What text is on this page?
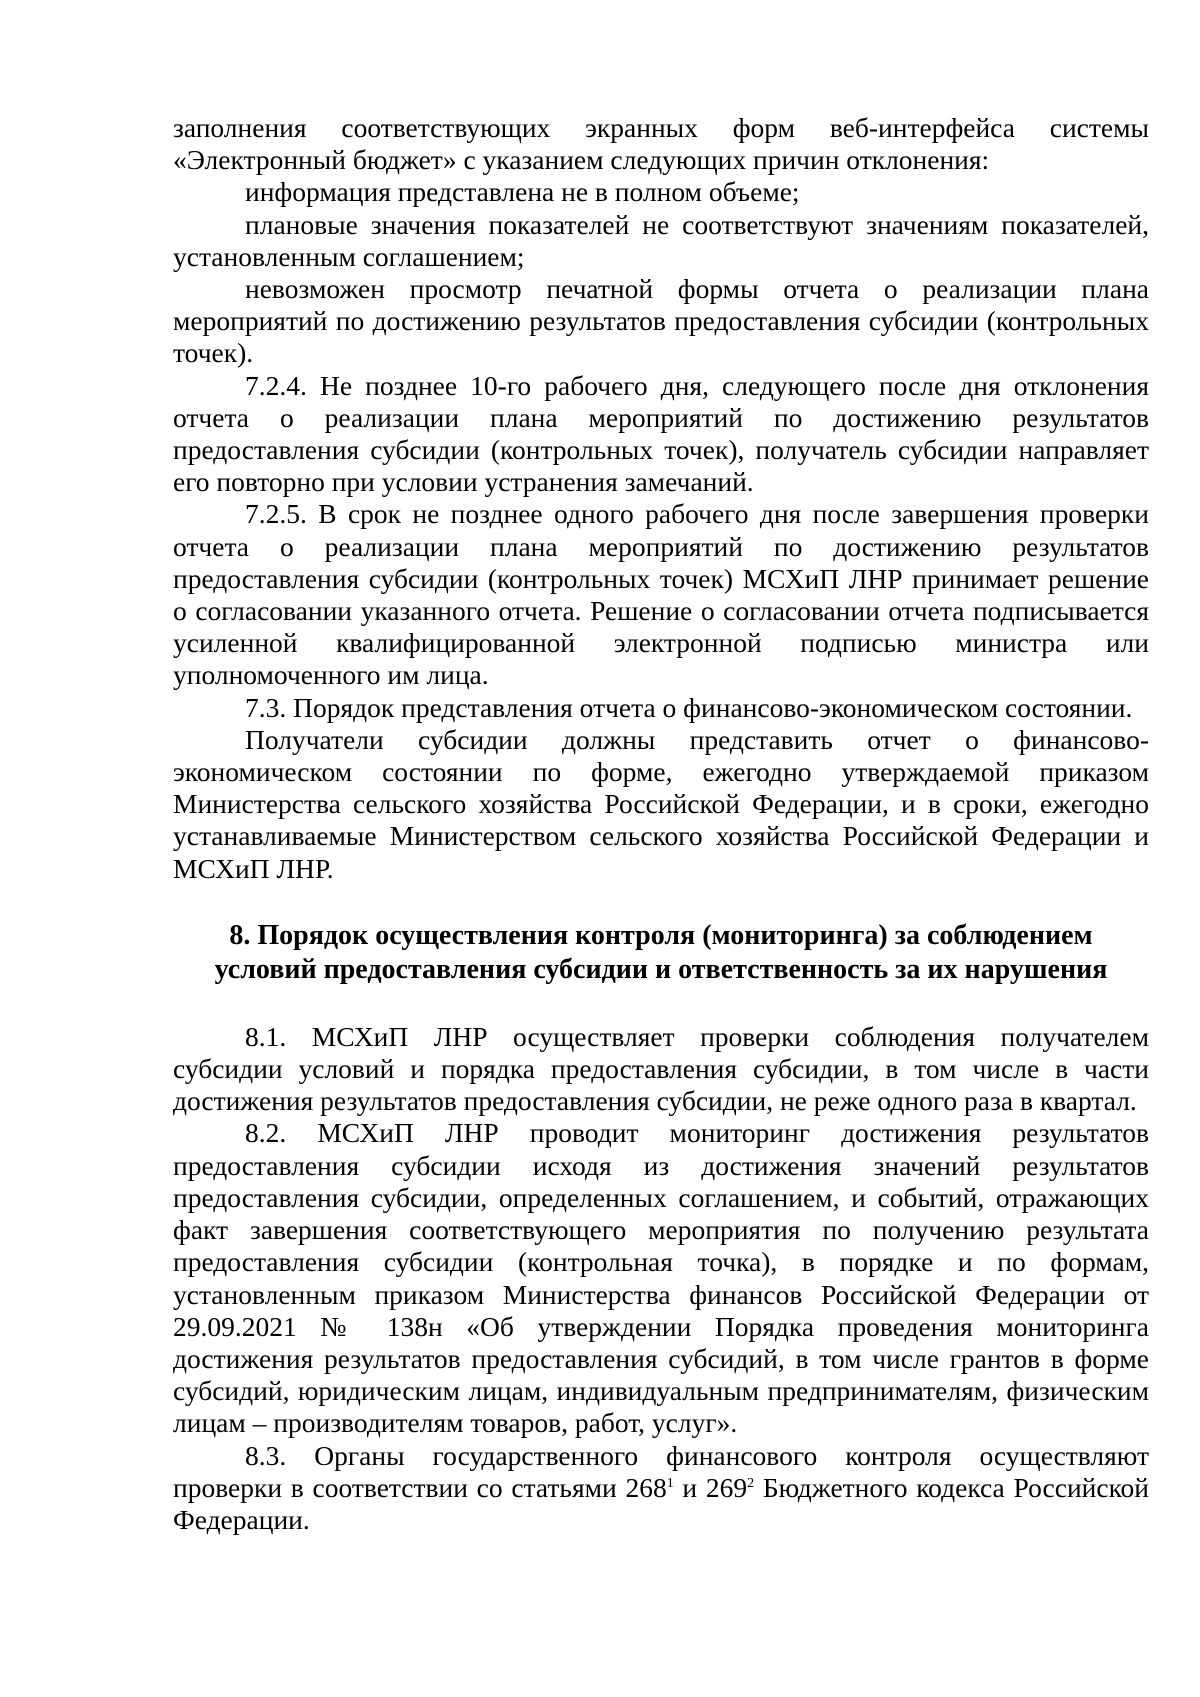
заполнения соответствующих экранных форм веб-интерфейса системы «Электронный бюджет» с указанием следующих причин отклонения:

информация представлена не в полном объеме;

плановые значения показателей не соответствуют значениям показателей, установленным соглашением;

невозможен просмотр печатной формы отчета о реализации плана мероприятий по достижению результатов предоставления субсидии (контрольных точек).

7.2.4. Не позднее 10-го рабочего дня, следующего после дня отклонения отчета о реализации плана мероприятий по достижению результатов предоставления субсидии (контрольных точек), получатель субсидии направляет его повторно при условии устранения замечаний.

7.2.5. В срок не позднее одного рабочего дня после завершения проверки отчета о реализации плана мероприятий по достижению результатов предоставления субсидии (контрольных точек) МСХиП ЛНР принимает решение о согласовании указанного отчета. Решение о согласовании отчета подписывается усиленной квалифицированной электронной подписью министра или уполномоченного им лица.

7.3. Порядок представления отчета о финансово-экономическом состоянии.

Получатели субсидии должны представить отчет о финансово-экономическом состоянии по форме, ежегодно утверждаемой приказом Министерства сельского хозяйства Российской Федерации, и в сроки, ежегодно устанавливаемые Министерством сельского хозяйства Российской Федерации и МСХиП ЛНР.

8. Порядок осуществления контроля (мониторинга) за соблюдением
условий предоставления субсидии и ответственность за их нарушения

8.1. МСХиП ЛНР осуществляет проверки соблюдения получателем субсидии условий и порядка предоставления субсидии, в том числе в части достижения результатов предоставления субсидии, не реже одного раза в квартал.

8.2. МСХиП ЛНР проводит мониторинг достижения результатов предоставления субсидии исходя из достижения значений результатов предоставления субсидии, определенных соглашением, и событий, отражающих факт завершения соответствующего мероприятия по получению результата предоставления субсидии (контрольная точка), в порядке и по формам, установленным приказом Министерства финансов Российской Федерации от 29.09.2021 № 138н «Об утверждении Порядка проведения мониторинга достижения результатов предоставления субсидий, в том числе грантов в форме субсидий, юридическим лицам, индивидуальным предпринимателям, физическим лицам – производителям товаров, работ, услуг».

8.3. Органы государственного финансового контроля осуществляют проверки в соответствии со статьями $268^1$ и $269^2$ Бюджетного кодекса Российской Федерации.
